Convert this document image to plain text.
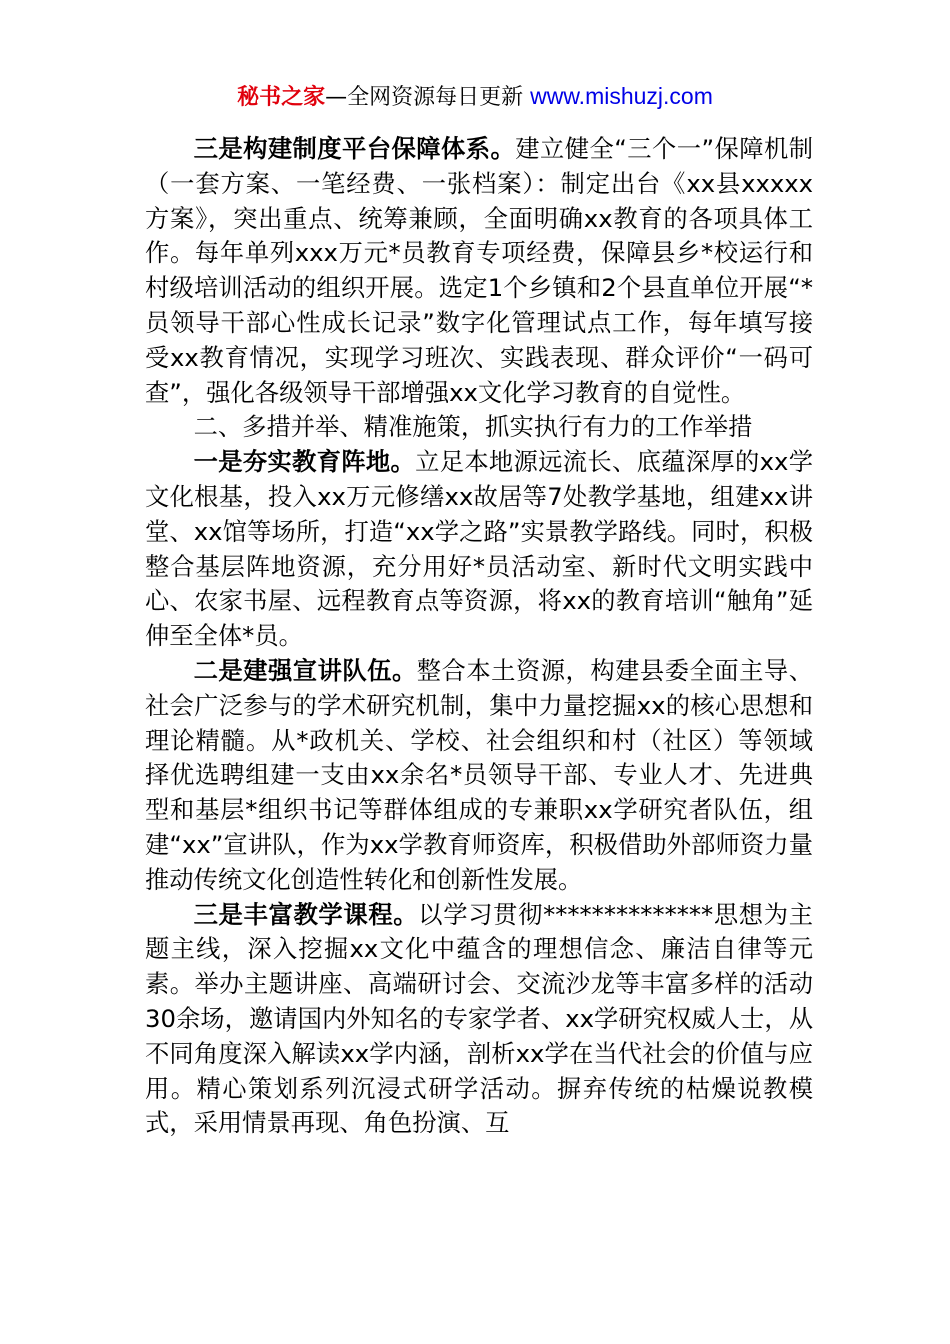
秘书之家—全网资源每日更新 www.mishuzj.com

三是构建制度平台保障体系。建立健全“三个一”保障机制（一套方案、一笔经费、一张档案）：制定出台《xx县xxxxx方案》，突出重点、统筹兼顾，全面明确xx教育的各项具体工作。每年单列xxx万元*员教育专项经费，保障县乡*校运行和村级培训活动的组织开展。选定1个乡镇和2个县直单位开展“*员领导干部心性成长记录”数字化管理试点工作，每年填写接受xx教育情况，实现学习班次、实践表现、群众评价“一码可查”，强化各级领导干部增强xx文化学习教育的自觉性。

二、多措并举、精准施策，抓实执行有力的工作举措

一是夯实教育阵地。立足本地源远流长、底蕴深厚的xx学文化根基，投入xx万元修缮xx故居等7处教学基地，组建xx讲堂、xx馆等场所，打造“xx学之路”实景教学路线。同时，积极整合基层阵地资源，充分用好*员活动室、新时代文明实践中心、农家书屋、远程教育点等资源，将xx的教育培训“触角”延伸至全体*员。

二是建强宣讲队伍。整合本土资源，构建县委全面主导、社会广泛参与的学术研究机制，集中力量挖掘xx的核心思想和理论精髓。从*政机关、学校、社会组织和村（社区）等领域择优选聘组建一支由xx余名*员领导干部、专业人才、先进典型和基层*组织书记等群体组成的专兼职xx学研究者队伍，组建“xx”宣讲队，作为xx学教育师资库，积极借助外部师资力量推动传统文化创造性转化和创新性发展。

三是丰富教学课程。以学习贯彻**************思想为主题主线，深入挖掘xx文化中蕴含的理想信念、廉洁自律等元素。举办主题讲座、高端研讨会、交流沙龙等丰富多样的活动30余场，邀请国内外知名的专家学者、xx学研究权威人士，从不同角度深入解读xx学内涵，剖析xx学在当代社会的价值与应用。精心策划系列沉浸式研学活动。摒弃传统的枯燥说教模式，采用情景再现、角色扮演、互
